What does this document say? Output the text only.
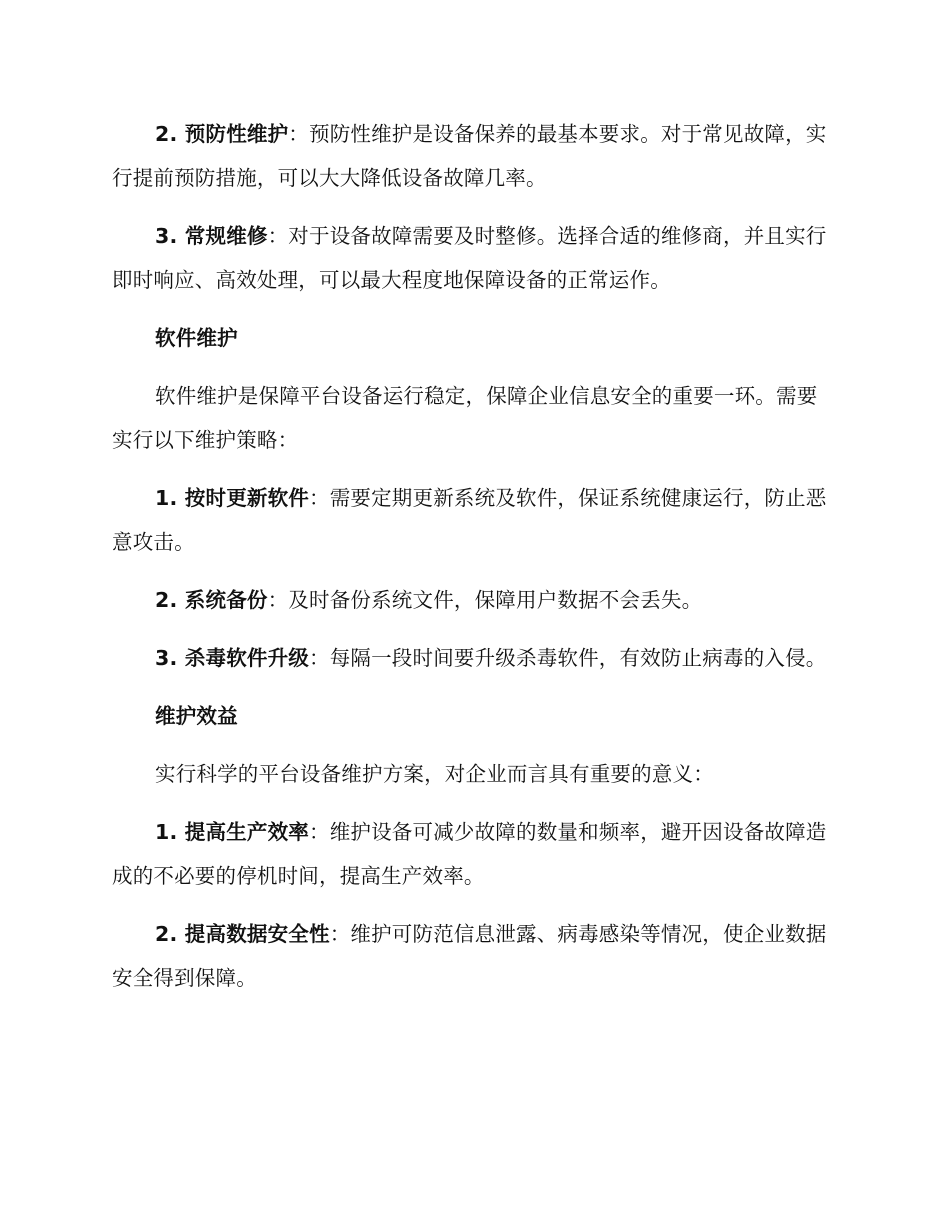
2. 预防性维护：预防性维护是设备保养的最基本要求。对于常见故障，实行提前预防措施，可以大大降低设备故障几率。

3. 常规维修：对于设备故障需要及时整修。选择合适的维修商，并且实行即时响应、高效处理，可以最大程度地保障设备的正常运作。

软件维护

软件维护是保障平台设备运行稳定，保障企业信息安全的重要一环。需要实行以下维护策略：

1. 按时更新软件：需要定期更新系统及软件，保证系统健康运行，防止恶意攻击。

2. 系统备份：及时备份系统文件，保障用户数据不会丢失。

3. 杀毒软件升级：每隔一段时间要升级杀毒软件，有效防止病毒的入侵。

维护效益

实行科学的平台设备维护方案，对企业而言具有重要的意义：

1. 提高生产效率：维护设备可减少故障的数量和频率，避开因设备故障造成的不必要的停机时间，提高生产效率。

2. 提高数据安全性：维护可防范信息泄露、病毒感染等情况，使企业数据安全得到保障。
